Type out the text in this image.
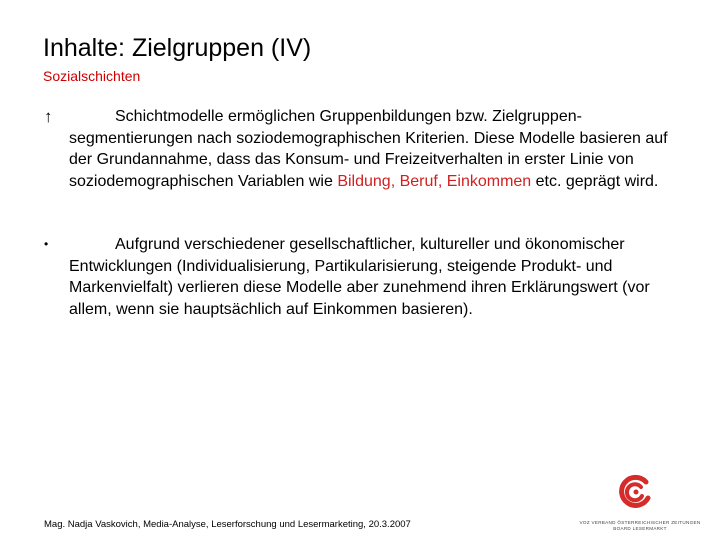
Inhalte: Zielgruppen (IV)
Sozialschichten
↑	Schichtmodelle ermöglichen Gruppenbildungen bzw. Zielgruppen-segmentierungen nach soziodemographischen Kriterien. Diese Modelle basieren auf der Grundannahme, dass das Konsum- und Freizeitverhalten in erster Linie von soziodemographischen Variablen wie Bildung, Beruf, Einkommen etc. geprägt wird.
•	Aufgrund verschiedener gesellschaftlicher, kultureller und ökonomischer Entwicklungen (Individualisierung, Partikularisierung, steigende Produkt- und Markenvielfalt) verlieren diese Modelle aber zunehmend ihren Erklärungswert (vor allem, wenn sie hauptsächlich auf Einkommen basieren).
Mag. Nadja Vaskovich, Media-Analyse, Leserforschung und Lesermarketing, 20.3.2007	VOZ VERBAND ÖSTERREICHISCHER ZEITUNGEN
BOARD LESERMARKT
